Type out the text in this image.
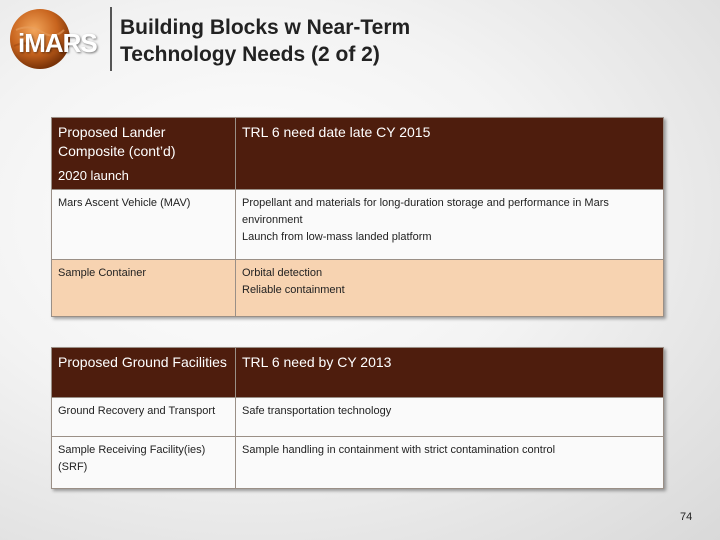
iMARS
Building Blocks w Near-Term
Technology Needs (2 of 2)
Proposed Lander Composite (cont’d)
2020 launch	TRL 6 need date late CY 2015
Mars Ascent Vehicle (MAV)	Propellant and materials for long-duration storage and performance in Mars environment
Launch from low-mass landed platform

Sample Container	Orbital detection
Reliable containment
Proposed Ground Facilities	TRL 6 need by CY 2013
Ground Recovery and Transport	Safe transportation technology

Sample Receiving Facility(ies) (SRF)	Sample handling in containment with strict contamination control
74
